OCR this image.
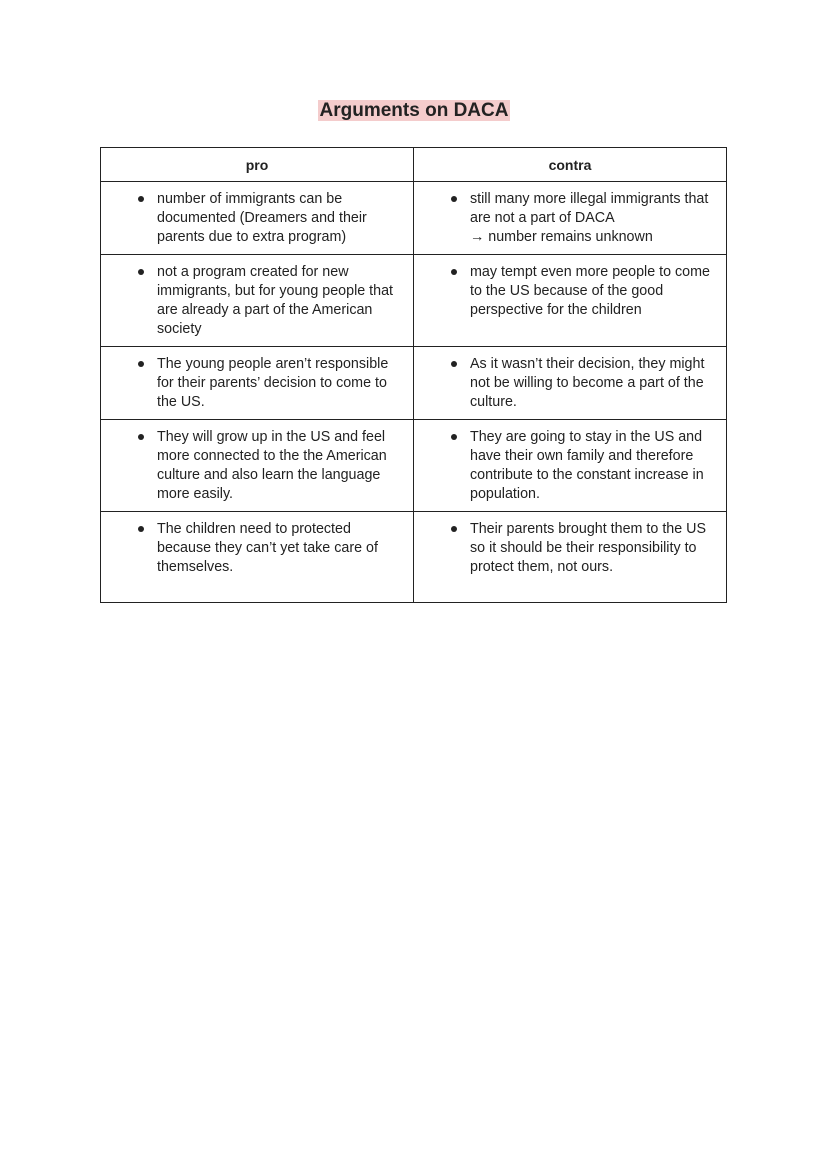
Arguments on DACA
pro	contra

number of immigrants can be documented (Dreamers and their parents due to extra program)	still many more illegal immigrants that are not a part of DACA
→ number remains unknown

not a program created for new immigrants, but for young people that are already a part of the American society	may tempt even more people to come to the US because of the good perspective for the children

The young people aren’t responsible for their parents’ decision to come to the US.	As it wasn’t their decision, they might not be willing to become a part of the culture.

They will grow up in the US and feel more connected to the the American culture and also learn the language more easily.	They are going to stay in the US and have their own family and therefore contribute to the constant increase in population.

The children need to protected because they can’t yet take care of themselves.	Their parents brought them to the US so it should be their responsibility to protect them, not ours.
